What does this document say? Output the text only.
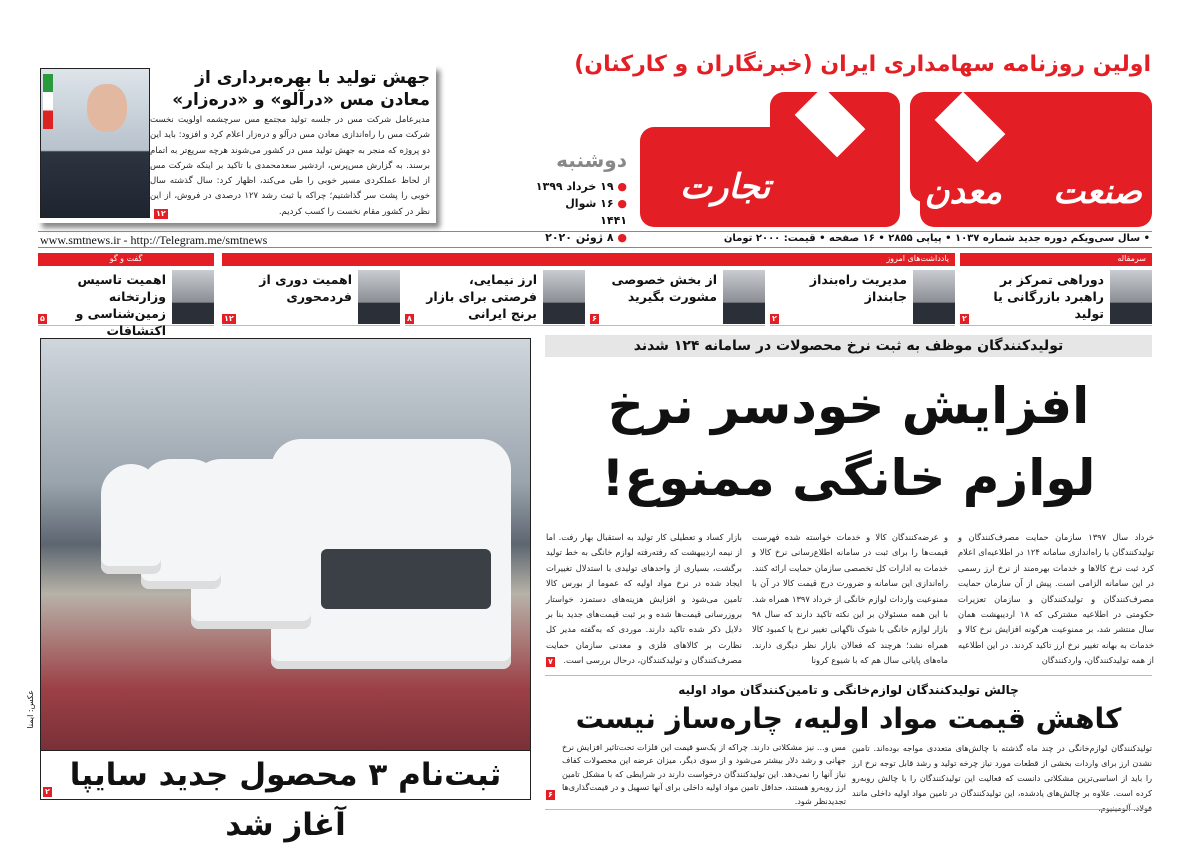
اولین روزنامه سهامداری ایران (خبرنگاران و کارکنان)
صنعت
معدن
تجارت
دوشنبه
● ۱۹ خرداد ۱۳۹۹
● ۱۶ شوال ۱۴۴۱
● ۸ ژوئن ۲۰۲۰
جهش تولید با بهره‌برداری از معادن مس «درآلو» و «دره‌زار»

مدیرعامل شرکت مس در جلسه تولید مجتمع مس سرچشمه اولویت نخست شرکت مس را راه‌اندازی معادن مس درآلو و دره‌زار اعلام کرد و افزود: باید این دو پروژه که منجر به جهش تولید مس در کشور می‌شوند هرچه سریع‌تر به اتمام برسند. به گزارش مس‌پرس، اردشیر سعدمحمدی با تاکید بر اینکه شرکت مس از لحاظ عملکردی مسیر خوبی را طی می‌کند، اظهار کرد: سال گذشته سال خوبی را پشت سر گذاشتیم؛ چراکه با ثبت رشد ۱۲۷ درصدی در فروش، از این نظر در کشور مقام نخست را کسب کردیم.

۱۲
www.smtnews.ir - http://Telegram.me/smtnews	• سال سی‌ویکم دوره جدید شماره ۱۰۳۷ • پیاپی ۲۸۵۵ • ۱۶ صفحه • قیمت: ۲۰۰۰ تومان
سرمقاله
یادداشت‌های امروز
گفت و گو
دوراهی تمرکز بر راهبرد بازرگانی یا تولید
۲
مدیریت راه‌بنداز جابنداز
۲
از بخش خصوصی مشورت بگیرید
۶
ارز نیمایی، فرصتی برای بازار برنج ایرانی
۸
اهمیت دوری از فردمحوری
۱۲
اهمیت تاسیس وزارتخانه زمین‌شناسی و اکتشافات
۵
تولیدکنندگان موظف به ثبت نرخ محصولات در سامانه ۱۲۴ شدند
افزایش خودسر نرخ لوازم خانگی ممنوع!
خرداد سال ۱۳۹۷ سازمان حمایت مصرف‌کنندگان و تولیدکنندگان با راه‌اندازی سامانه ۱۲۴ در اطلاعیه‌ای اعلام کرد ثبت نرخ کالاها و خدمات بهره‌مند از نرخ ارز رسمی در این سامانه الزامی است. پیش از آن سازمان حمایت مصرف‌کنندگان و تولیدکنندگان و سازمان تعزیرات حکومتی در اطلاعیه مشترکی که ۱۸ اردیبهشت همان سال منتشر شد، بر ممنوعیت هرگونه افزایش نرخ کالا و خدمات به بهانه تغییر نرخ ارز تاکید کردند. در این اطلاعیه از همه تولیدکنندگان، واردکنندگان
و عرضه‌کنندگان کالا و خدمات خواسته شده فهرست قیمت‌ها را برای ثبت در سامانه اطلاع‌رسانی نرخ کالا و خدمات به ادارات کل تخصصی سازمان حمایت ارائه کنند. راه‌اندازی این سامانه و ضرورت درج قیمت کالا در آن با ممنوعیت واردات لوازم خانگی از خرداد ۱۳۹۷ همراه شد. با این همه مسئولان بر این نکته تاکید دارند که سال ۹۸ بازار لوازم خانگی با شوک ناگهانی تغییر نرخ یا کمبود کالا همراه نشد؛ هرچند که فعالان بازار نظر دیگری دارند. ماه‌های پایانی سال هم که با شیوع کرونا
بازار کساد و تعطیلی کار تولید به استقبال بهار رفت. اما از نیمه اردیبهشت که رفته‌رفته لوازم خانگی به خط تولید برگشت، بسیاری از واحدهای تولیدی با استدلال تغییرات ایجاد شده در نرخ مواد اولیه که عموما از بورس کالا تامین می‌شود و افزایش هزینه‌های دستمزد خواستار بروزرسانی قیمت‌ها شده و بر ثبت قیمت‌های جدید بنا بر دلایل ذکر شده تاکید دارند. موردی که به‌گفته مدیر کل نظارت بر کالاهای فلزی و معدنی سازمان حمایت مصرف‌کنندگان و تولیدکنندگان، درحال بررسی است.
۷
چالش تولیدکنندگان لوازم‌خانگی و تامین‌کنندگان مواد اولیه
کاهش قیمت مواد اولیه، چاره‌ساز نیست
تولیدکنندگان لوازم‌خانگی در چند ماه گذشته با چالش‌های متعددی مواجه بوده‌اند. تامین نشدن ارز برای واردات بخشی از قطعات مورد نیاز چرخه تولید و رشد قابل توجه نرخ ارز را باید از اساسی‌ترین مشکلاتی دانست که فعالیت این تولیدکنندگان را با چالش روبه‌رو کرده است. علاوه بر چالش‌های یادشده، این تولیدکنندگان در تامین مواد اولیه داخلی مانند فولاد، آلومینیوم،
مس و... نیز مشکلاتی دارند. چراکه از یک‌سو قیمت این فلزات تحت‌تاثیر افزایش نرخ جهانی و رشد دلار بیشتر می‌شود و از سوی دیگر، میزان عرضه این محصولات کفاف نیاز آنها را نمی‌دهد. این تولیدکنندگان درخواست دارند در شرایطی که با مشکل تامین ارز روبه‌رو هستند، حداقل تامین مواد اولیه داخلی برای آنها تسهیل و در قیمت‌گذاری‌ها تجدیدنظر شود.
۶
عکس: ایمنا
ثبت‌نام ۳ محصول جدید سایپا آغاز شد
۲
